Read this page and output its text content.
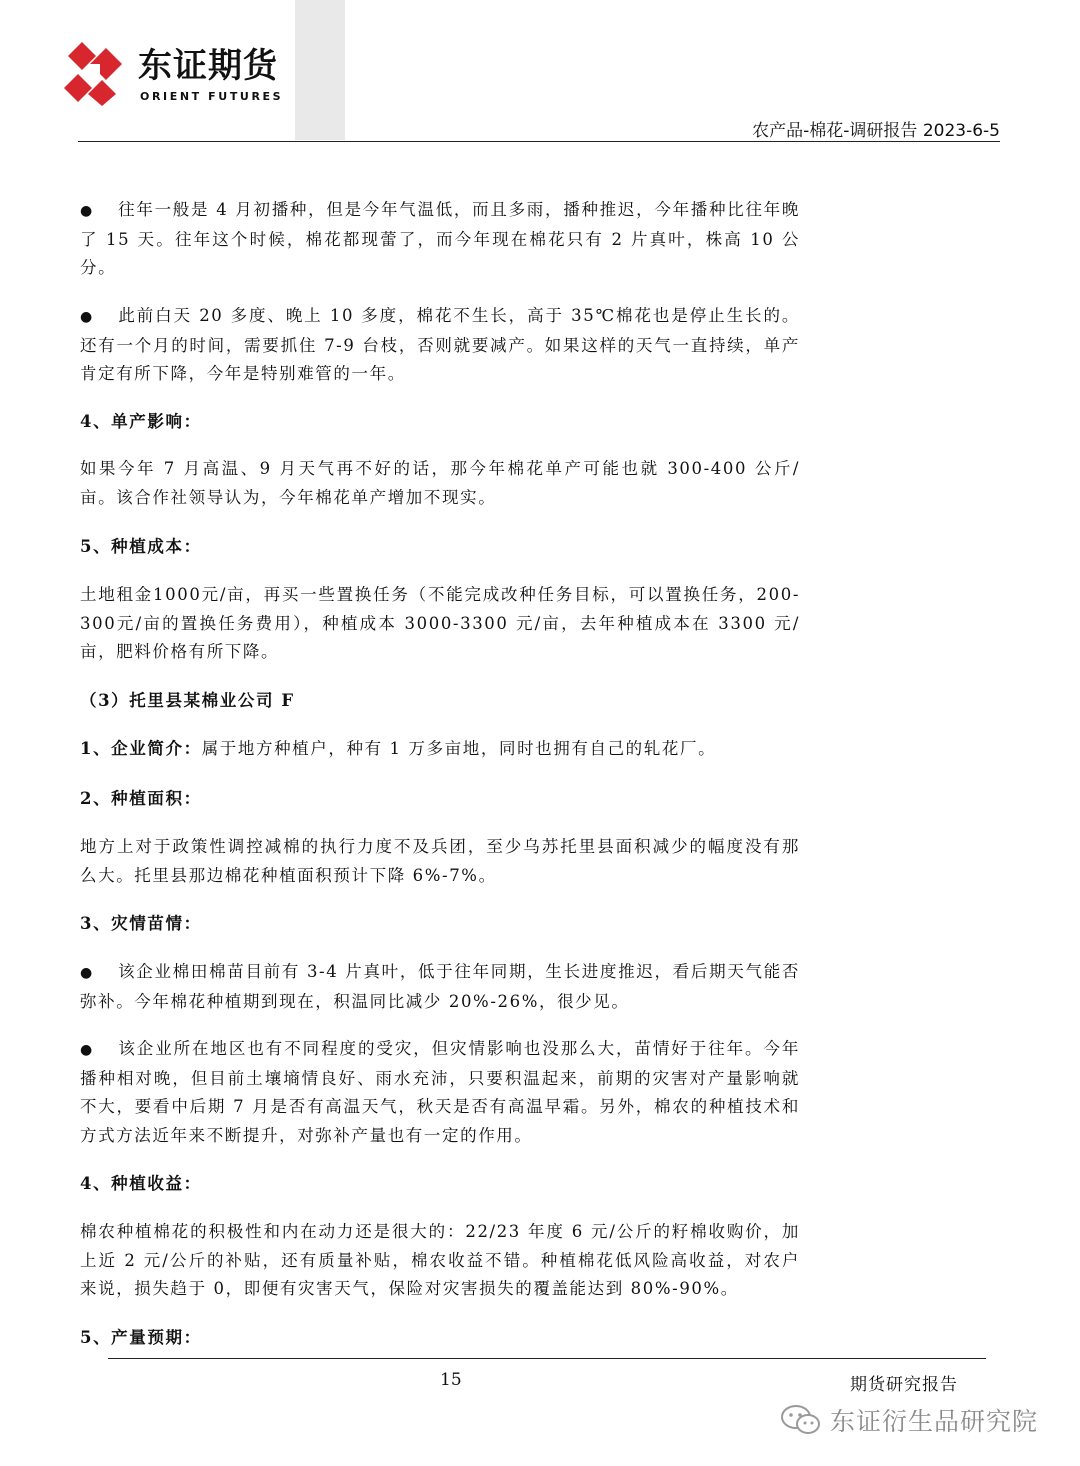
东证期货
ORIENT FUTURES
农产品-棉花-调研报告 2023-6-5

● 往年一般是 4 月初播种，但是今年气温低，而且多雨，播种推迟，今年播种比往年晚了 15 天。往年这个时候，棉花都现蕾了，而今年现在棉花只有 2 片真叶，株高 10 公分。

● 此前白天 20 多度、晚上 10 多度，棉花不生长，高于 35℃棉花也是停止生长的。还有一个月的时间，需要抓住 7-9 台枝，否则就要减产。如果这样的天气一直持续，单产肯定有所下降，今年是特别难管的一年。

4、单产影响：

如果今年 7 月高温、9 月天气再不好的话，那今年棉花单产可能也就 300-400 公斤/亩。该合作社领导认为，今年棉花单产增加不现实。

5、种植成本：

土地租金1000元/亩，再买一些置换任务（不能完成改种任务目标，可以置换任务，200-300元/亩的置换任务费用），种植成本 3000-3300 元/亩，去年种植成本在 3300 元/亩，肥料价格有所下降。

（3）托里县某棉业公司 F

1、企业简介：属于地方种植户，种有 1 万多亩地，同时也拥有自己的轧花厂。

2、种植面积：

地方上对于政策性调控减棉的执行力度不及兵团，至少乌苏托里县面积减少的幅度没有那么大。托里县那边棉花种植面积预计下降 6%-7%。

3、灾情苗情：

● 该企业棉田棉苗目前有 3-4 片真叶，低于往年同期，生长进度推迟，看后期天气能否弥补。今年棉花种植期到现在，积温同比减少 20%-26%，很少见。

● 该企业所在地区也有不同程度的受灾，但灾情影响也没那么大，苗情好于往年。今年播种相对晚，但目前土壤墒情良好、雨水充沛，只要积温起来，前期的灾害对产量影响就不大，要看中后期 7 月是否有高温天气，秋天是否有高温早霜。另外，棉农的种植技术和方式方法近年来不断提升，对弥补产量也有一定的作用。

4、种植收益：

棉农种植棉花的积极性和内在动力还是很大的：22/23 年度 6 元/公斤的籽棉收购价，加上近 2 元/公斤的补贴，还有质量补贴，棉农收益不错。种植棉花低风险高收益，对农户来说，损失趋于 0，即便有灾害天气，保险对灾害损失的覆盖能达到 80%-90%。

5、产量预期：

15	期货研究报告
东证衍生品研究院
